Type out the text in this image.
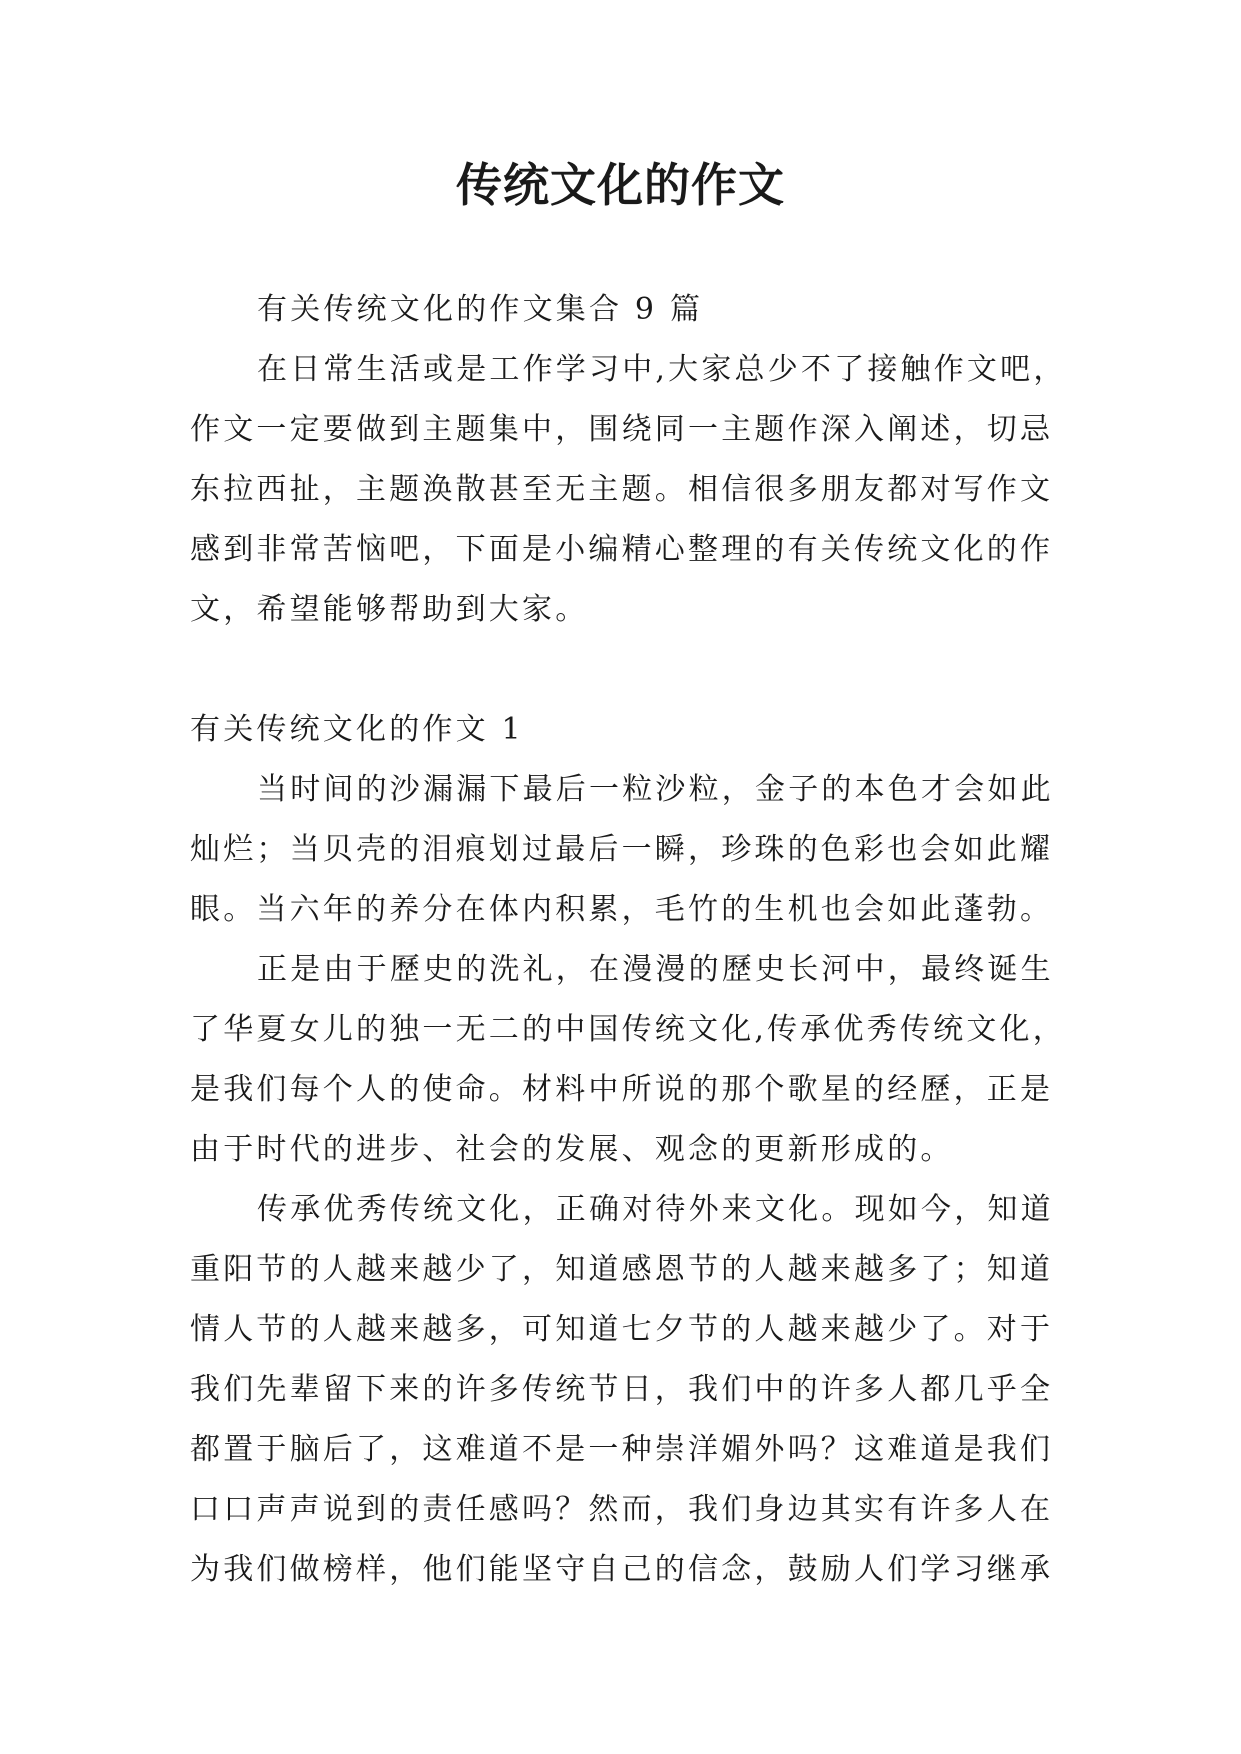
传统文化的作文

有关传统文化的作文集合 9 篇

在日常生活或是工作学习中,大家总少不了接触作文吧，作文一定要做到主题集中，围绕同一主题作深入阐述，切忌东拉西扯，主题涣散甚至无主题。相信很多朋友都对写作文感到非常苦恼吧，下面是小编精心整理的有关传统文化的作文，希望能够帮助到大家。

有关传统文化的作文 1

当时间的沙漏漏下最后一粒沙粒，金子的本色才会如此灿烂；当贝壳的泪痕划过最后一瞬，珍珠的色彩也会如此耀眼。当六年的养分在体内积累，毛竹的生机也会如此蓬勃。

正是由于歷史的洗礼，在漫漫的歷史长河中，最终诞生了华夏女儿的独一无二的中国传统文化,传承优秀传统文化，是我们每个人的使命。材料中所说的那个歌星的经歷，正是由于时代的进步、社会的发展、观念的更新形成的。

传承优秀传统文化，正确对待外来文化。现如今，知道重阳节的人越来越少了，知道感恩节的人越来越多了；知道情人节的人越来越多，可知道七夕节的人越来越少了。对于我们先辈留下来的许多传统节日，我们中的许多人都几乎全都置于脑后了，这难道不是一种崇洋媚外吗？这难道是我们口口声声说到的责任感吗？然而，我们身边其实有许多人在为我们做榜样，他们能坚守自己的信念，鼓励人们学习继承
